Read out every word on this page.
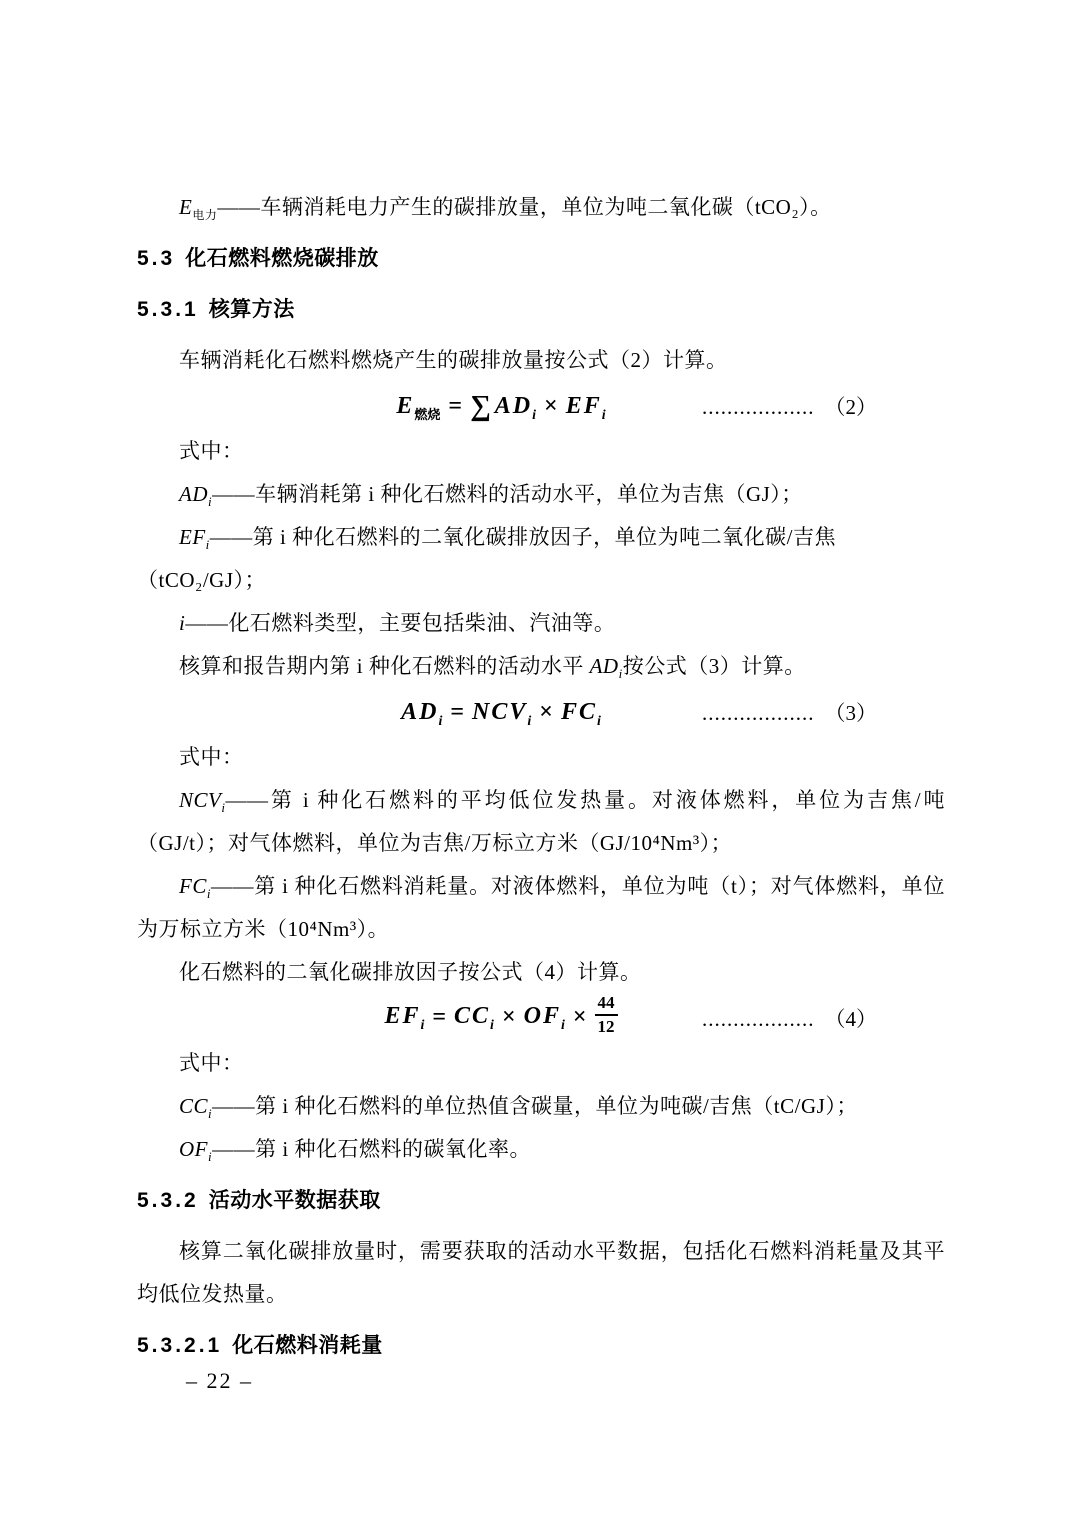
$E_{电力}——$车辆消耗电力产生的碳排放量，单位为吨二氧化碳（tCO₂）。

5.3 化石燃料燃烧碳排放
5.3.1 核算方法

车辆消耗化石燃料燃烧产生的碳排放量按公式（2）计算。

$E_{燃烧}$ = ∑ $AD_i \times EF_i$	.................. （2）

式中：

$AD_i——$车辆消耗第 i 种化石燃料的活动水平，单位为吉焦（GJ）；

$EF_i——$第 i 种化石燃料的二氧化碳排放因子，单位为吨二氧化碳/吉焦（tCO₂/GJ）；

i——化石燃料类型，主要包括柴油、汽油等。

核算和报告期内第 i 种化石燃料的活动水平 $AD_i$按公式（3）计算。

$AD_i = NCV_i \times FC_i$	.................. （3）

式中：

$NCV_i——$第 i 种化石燃料的平均低位发热量。对液体燃料，单位为吉焦/吨（GJ/t）；对气体燃料，单位为吉焦/万标立方米（GJ/10⁴Nm³）；

$FC_i——$第 i 种化石燃料消耗量。对液体燃料，单位为吨（t）；对气体燃料，单位为万标立方米（10⁴Nm³）。

化石燃料的二氧化碳排放因子按公式（4）计算。

$EF_i = CC_i \times OF_i \times \frac{44}{12}$	.................. （4）

式中：

$CC_i——$第 i 种化石燃料的单位热值含碳量，单位为吨碳/吉焦（tC/GJ）；

$OF_i——$第 i 种化石燃料的碳氧化率。

5.3.2 活动水平数据获取

核算二氧化碳排放量时，需要获取的活动水平数据，包括化石燃料消耗量及其平均低位发热量。

5.3.2.1 化石燃料消耗量
– 22 –
